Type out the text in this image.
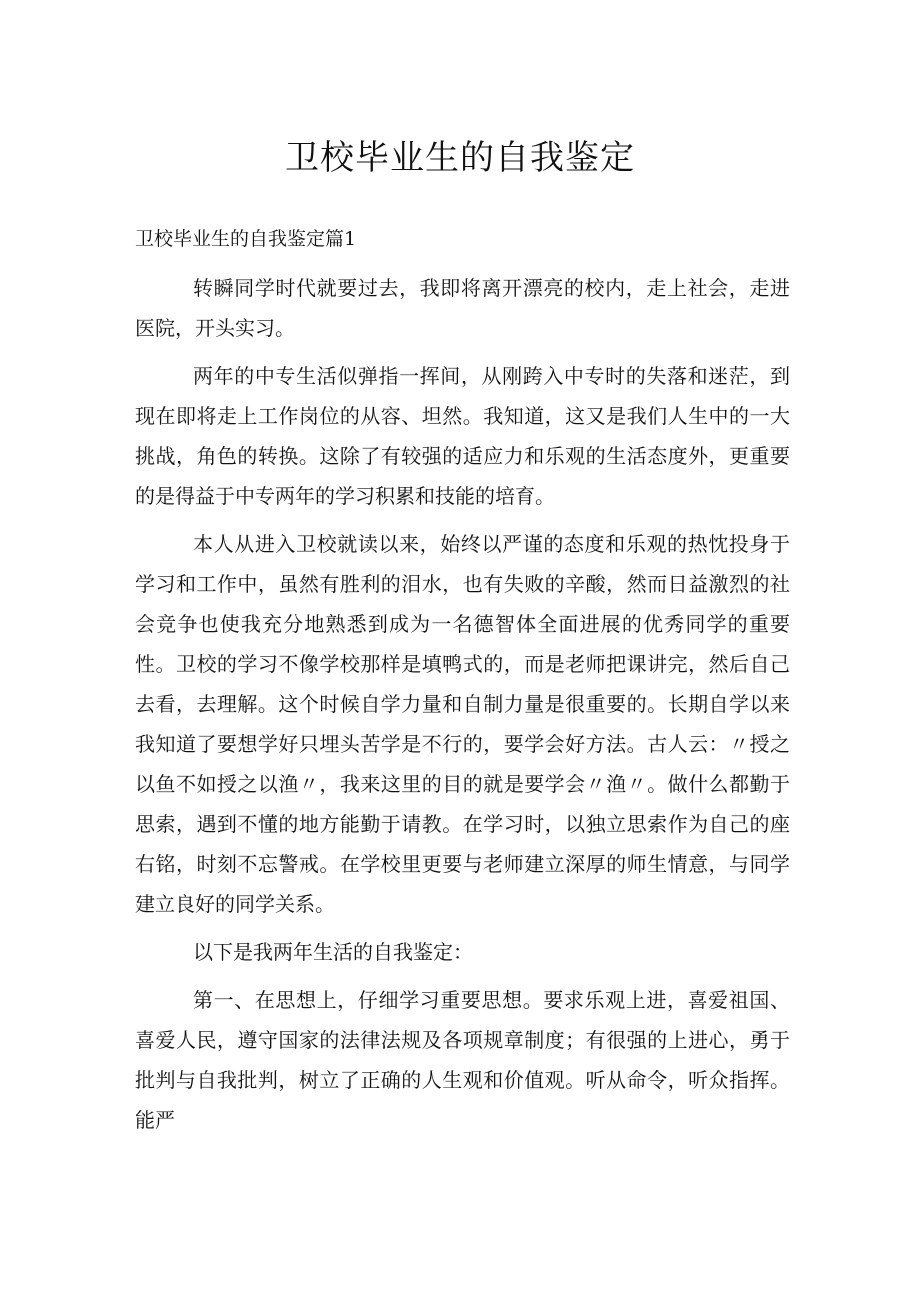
卫校毕业生的自我鉴定
卫校毕业生的自我鉴定篇1

转瞬同学时代就要过去，我即将离开漂亮的校内，走上社会，走进医院，开头实习。

两年的中专生活似弹指一挥间，从刚跨入中专时的失落和迷茫，到现在即将走上工作岗位的从容、坦然。我知道，这又是我们人生中的一大挑战，角色的转换。这除了有较强的适应力和乐观的生活态度外，更重要的是得益于中专两年的学习积累和技能的培育。

本人从进入卫校就读以来，始终以严谨的态度和乐观的热忱投身于学习和工作中，虽然有胜利的泪水，也有失败的辛酸，然而日益激烈的社会竞争也使我充分地熟悉到成为一名德智体全面进展的优秀同学的重要性。卫校的学习不像学校那样是填鸭式的，而是老师把课讲完，然后自己去看，去理解。这个时候自学力量和自制力量是很重要的。长期自学以来我知道了要想学好只埋头苦学是不行的，要学会好方法。古人云：〃授之以鱼不如授之以渔〃，我来这里的目的就是要学会〃渔〃。做什么都勤于思索，遇到不懂的地方能勤于请教。在学习时，以独立思索作为自己的座右铭，时刻不忘警戒。在学校里更要与老师建立深厚的师生情意，与同学建立良好的同学关系。

以下是我两年生活的自我鉴定：

第一、在思想上，仔细学习重要思想。要求乐观上进，喜爱祖国、喜爱人民，遵守国家的法律法规及各项规章制度；有很强的上进心，勇于批判与自我批判，树立了正确的人生观和价值观。听从命令，听众指挥。能严
